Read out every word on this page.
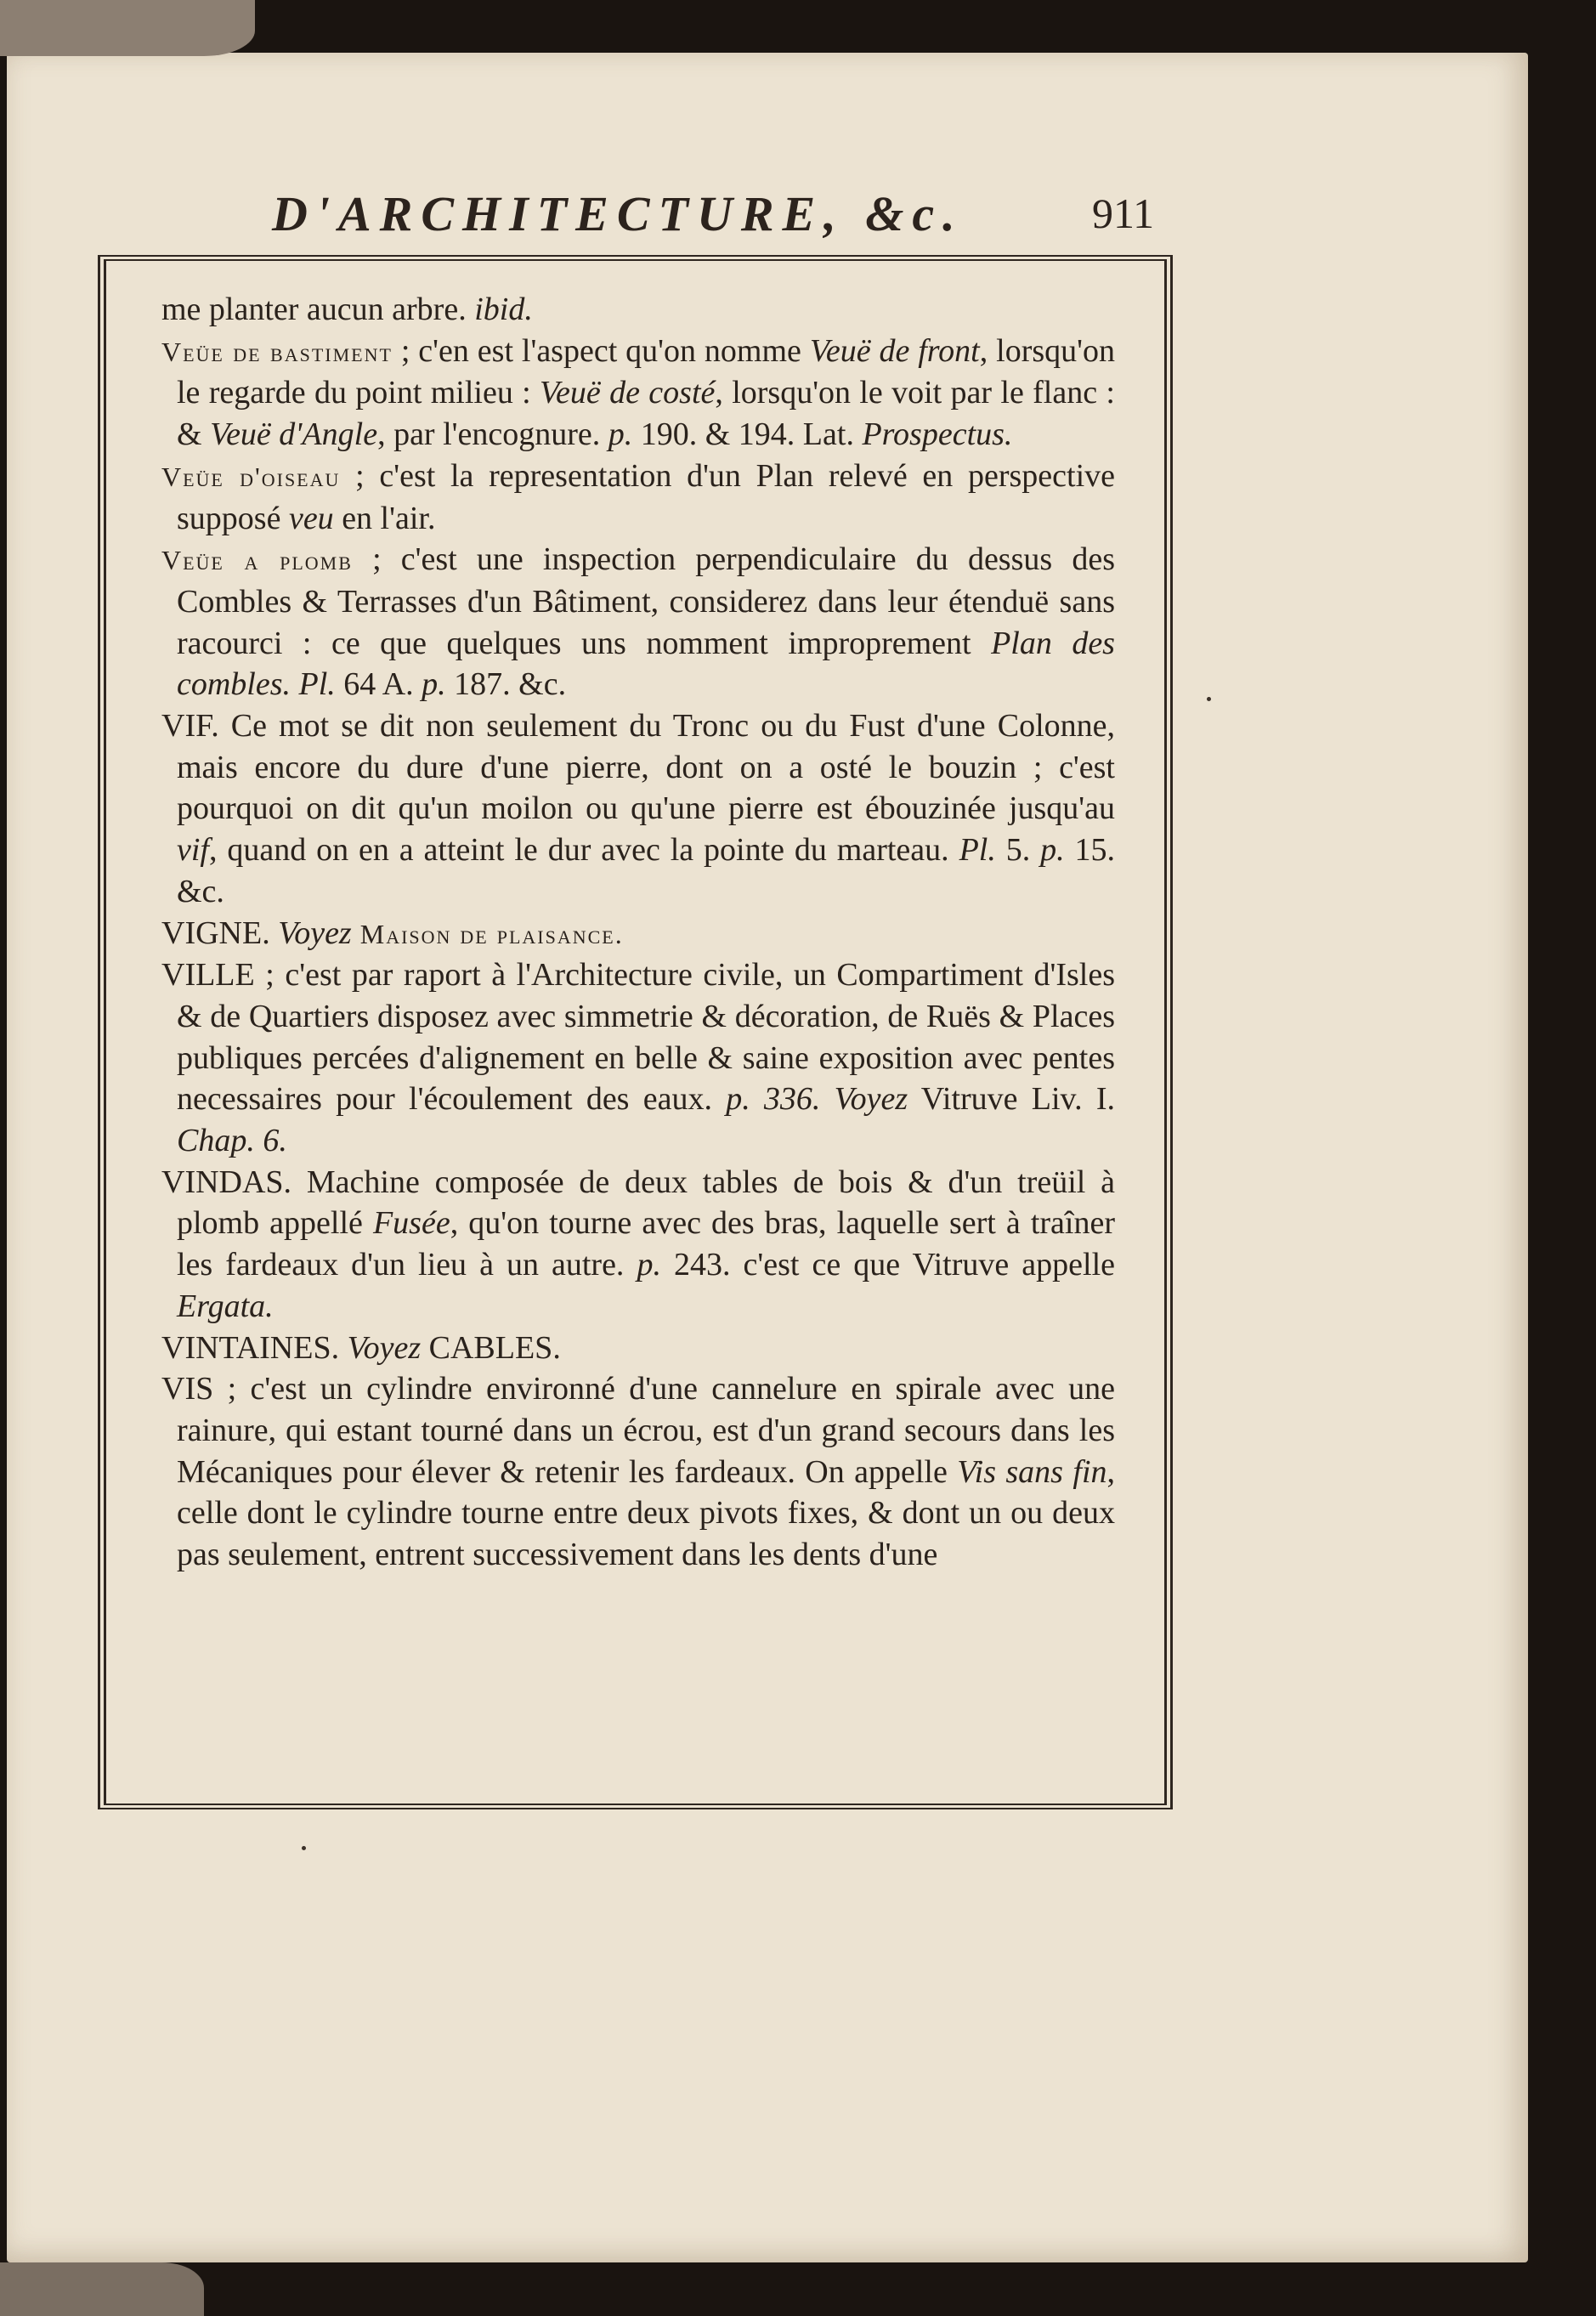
D'ARCHITECTURE, &c.	911

me planter aucun arbre. ibid.

Veüe de bastiment ; c'en est l'aspect qu'on nomme Veuë de front, lorsqu'on le regarde du point milieu : Veuë de costé, lorsqu'on le voit par le flanc : & Veuë d'Angle, par l'encognure. p. 190. & 194. Lat. Prospectus.

Veüe d'oiseau ; c'est la representation d'un Plan relevé en perspective supposé veu en l'air.

Veüe a plomb ; c'est une inspection perpendiculaire du dessus des Combles & Terrasses d'un Bâtiment, considerez dans leur étenduë sans racourci : ce que quelques uns nomment improprement Plan des combles. Pl. 64 A. p. 187. &c.

VIF. Ce mot se dit non seulement du Tronc ou du Fust d'une Colonne, mais encore du dure d'une pierre, dont on a osté le bouzin ; c'est pourquoi on dit qu'un moilon ou qu'une pierre est ébouzinée jusqu'au vif, quand on en a atteint le dur avec la pointe du marteau. Pl. 5. p. 15. &c.

VIGNE. Voyez Maison de plaisance.

VILLE ; c'est par raport à l'Architecture civile, un Compartiment d'Isles & de Quartiers disposez avec simmetrie & décoration, de Ruës & Places publiques percées d'alignement en belle & saine exposition avec pentes necessaires pour l'écoulement des eaux. p. 336. Voyez Vitruve Liv. I. Chap. 6.

VINDAS. Machine composée de deux tables de bois & d'un treüil à plomb appellé Fusée, qu'on tourne avec des bras, laquelle sert à traîner les fardeaux d'un lieu à un autre. p. 243. c'est ce que Vitruve appelle Ergata.

VINTAINES. Voyez CABLES.

VIS ; c'est un cylindre environné d'une cannelure en spirale avec une rainure, qui estant tourné dans un écrou, est d'un grand secours dans les Mécaniques pour élever & retenir les fardeaux. On appelle Vis sans fin, celle dont le cylindre tourne entre deux pivots fixes, & dont un ou deux pas seulement, entrent successivement dans les dents d'une
